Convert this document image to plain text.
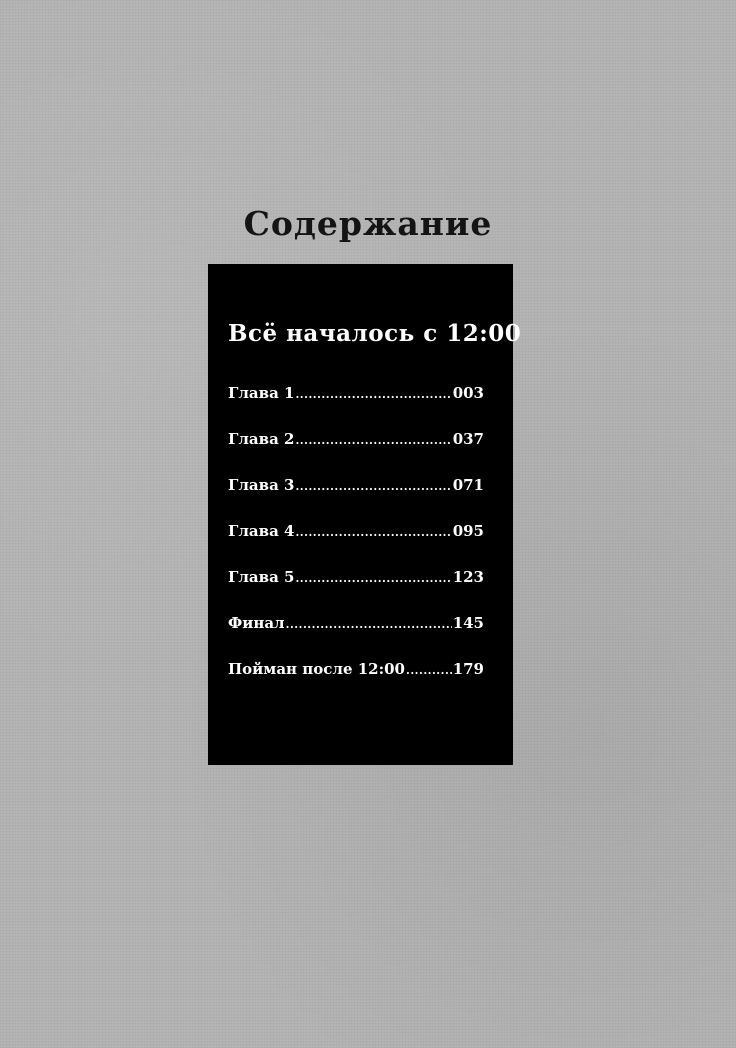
Содержание
Всё началось с 12:00
Глава 1 .....	003
Глава 2 .....	037
Глава 3 .....	071
Глава 4 .....	095
Глава 5 .....	123
Финал .....	145
Пойман после 12:00 .....	179
